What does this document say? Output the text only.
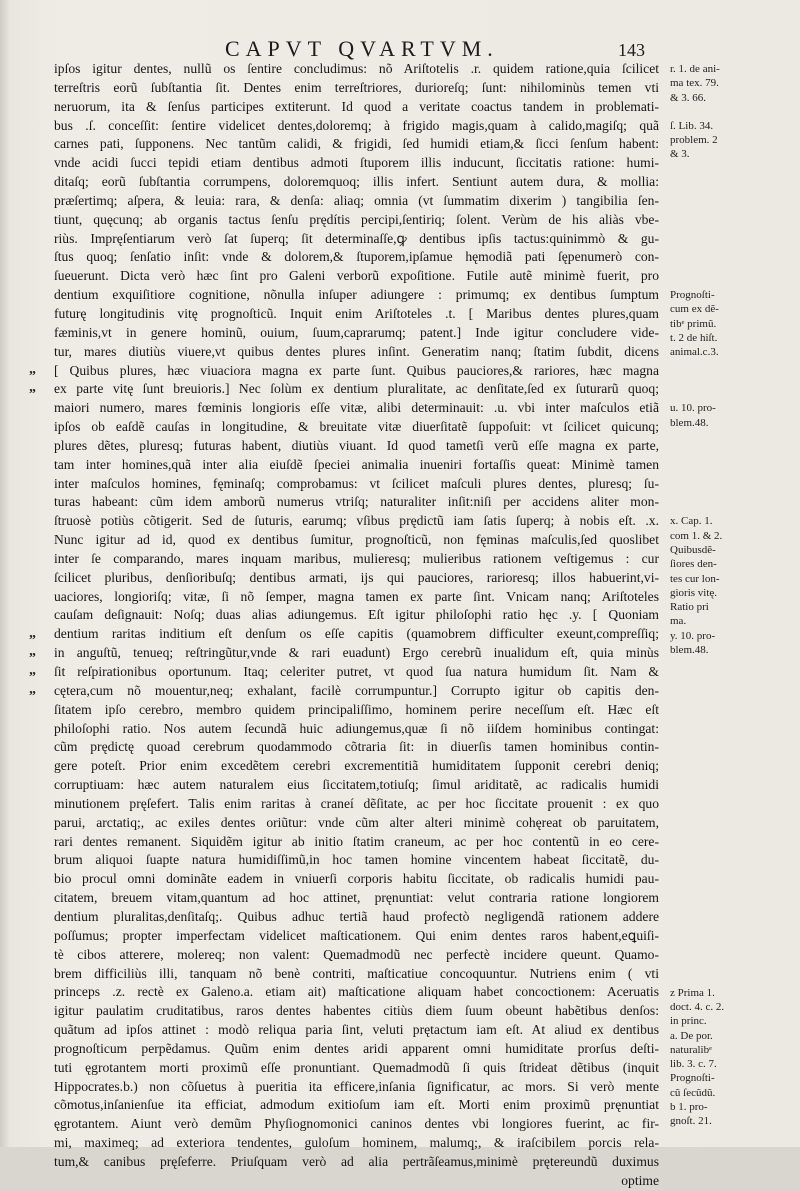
CAPVT QVARTVM.	143
ipſos igitur dentes, nullũ os ſentire concludimus: nõ Ariſtotelis .r. quidem ratione,quia ſcilicet
terreſtris eorũ ſubſtantia ſit. Dentes enim terreſtriores, durioreſq; ſunt: nihilominùs temen vti
neruorum, ita & ſenſus participes extiterunt. Id quod a veritate coactus tandem in problemati-
bus .ſ. conceſſit: ſentire videlicet dentes,doloremq; à frigido magis,quam à calido,magiſq; quã
carnes pati, ſupponens. Nec tantũm calidi, & frigidi, ſed humidi etiam,& ſicci ſenſum habent:
vnde acidi ſucci tepidi etiam dentibus admoti ſtuporem illis inducunt, ſiccitatis ratione: humi-
ditaſq; eorũ ſubſtantia corrumpens, doloremquoq; illis infert. Sentiunt autem dura, & mollia:
præſertimq; aſpera, & leuia: rara, & denſa: aliaq; omnia (vt ſummatim dixerim ) tangibilia ſen-
tiunt, quęcunq; ab organis tactus ſenſu prędítis percipi,ſentiriq; ſolent. Verùm de his aliàs vbe-
riùs. Impręſentiarum verò ſat ſuperq; ſit determinaſſe,ꝙ dentibus ipſis tactus:quinimmò & gu-
ſtus quoq; ſenſatio inſit: vnde & dolorem,& ſtuporem,ipſamue hęmodiã pati ſępenumerò con-
ſueuerunt. Dicta verò hæc ſint pro Galeni verborũ expoſitione. Futile autẽ minimè fuerit, pro
dentium exquiſitiore cognitione, nõnulla inſuper adiungere : primumq; ex dentibus ſumptum
futurę longitudinis vitę prognoſticũ. Inquit enim Ariſtoteles .t. [ Maribus dentes plures,quam
fæminis,vt in genere hominũ, ouium, ſuum,caprarumq; patent.] Inde igitur concludere vide-
tur, mares diutiùs viuere,vt quibus dentes plures inſint. Generatim nanq; ſtatim ſubdit, dicens
[ Quibus plures, hæc viuaciora magna ex parte ſunt. Quibus pauciores,& rariores, hæc magna
ex parte vitę ſunt breuioris.] Nec ſolùm ex dentium pluralitate, ac denſitate,ſed ex ſuturarũ quoq;
maiori numero, mares fœminis longioris eſſe vitæ, alibi determinauit: .u. vbi inter maſculos etiã
ipſos ob eaſdẽ cauſas in longitudine, & breuitate vitæ diuerſitatẽ ſuppoſuit: vt ſcilicet quicunq;
plures dẽtes, pluresq; futuras habent, diutiùs viuant. Id quod tametſi verũ eſſe magna ex parte,
tam inter homines,quã inter alia eiuſdẽ ſpeciei animalia inueniri fortaſſis queat: Minimè tamen
inter maſculos homines, fęminaſq; comprobamus: vt ſcilicet maſculi plures dentes, pluresq; ſu-
turas habeant: cũm idem amborũ numerus vtriſq; naturaliter inſit:niſi per accidens aliter mon-
ſtruosè potiùs cõtigerit. Sed de ſuturis, earumq; vſibus prędictũ iam ſatis ſuperq; à nobis eſt. .x.
Nunc igitur ad id, quod ex dentibus ſumitur, prognoſticũ, non fęminas maſculis,ſed quoslibet
inter ſe comparando, mares inquam maribus, mulieresq; mulieribus rationem veſtigemus : cur
ſcilicet pluribus, denſioribuſq; dentibus armati, ijs qui pauciores, rarioresq; illos habuerint,vi-
uaciores, longioriſq; vitæ, ſi nõ ſemper, magna tamen ex parte ſint. Vnicam nanq; Ariſtoteles
cauſam deſignauit: Noſq; duas alias adiungemus. Eſt igitur philoſophi ratio hęc .y. [ Quoniam
dentium raritas inditium eſt denſum os eſſe capitis (quamobrem difficulter exeunt,compreſſiq;
in anguſtũ, tenueq; reſtringũtur,vnde & rari euadunt) Ergo cerebrũ inualidum eſt, quia minùs
ſit reſpirationibus oportunum. Itaq; celeriter putret, vt quod ſua natura humidum ſit. Nam &
cętera,cum nõ mouentur,neq; exhalant, facilè corrumpuntur.] Corrupto igitur ob capitis den-
ſitatem ipſo cerebro, membro quidem principaliſſimo, hominem perire neceſſum eſt. Hæc eſt
philoſophi ratio. Nos autem ſecundã huic adiungemus,quæ ſi nõ iiſdem hominibus contingat:
cũm prędictę quoad cerebrum quodammodo cõtraria ſit: in diuerſis tamen hominibus contin-
gere poteſt. Prior enim excedẽtem cerebri excrementitiã humiditatem ſupponit cerebri deniq;
corruptiuam: hæc autem naturalem eius ſiccitatem,totiuſq; ſimul ariditatẽ, ac radicalis humidi
minutionem pręſefert. Talis enim raritas à craneí dẽſitate, ac per hoc ſiccitate prouenit : ex quo
parui, arctatiq;, ac exiles dentes oriũtur: vnde cũm alter alteri minimè cohęreat ob paruitatem,
rari dentes remanent. Siquidẽm igitur ab initio ſtatim craneum, ac per hoc contentũ in eo cere-
brum aliquoi ſuapte natura humidiſſimũ,in hoc tamen homine vincentem habeat ſiccitatẽ, du-
bio procul omni dominãte eadem in vniuerſi corporis habitu ſiccitate, ob radicalis humidi pau-
citatem, breuem vitam,quantum ad hoc attinet, pręnuntiat: velut contraria ratione longiorem
dentium pluralitas,denſitaſq;. Quibus adhuc tertiã haud profectò negligendã rationem addere
poſſumus; propter imperfectam videlicet maſticationem. Qui enim dentes raros habent,eꝗuiſi-
tè cibos atterere, molereq; non valent: Quemadmodũ nec perfectè incidere queunt. Quamo-
brem difficiliùs illi, tanquam nõ benè contriti, maſticatiue concoquuntur. Nutriens enim ( vti
princeps .z. rectè ex Galeno.a. etiam ait) maſticatione aliquam habet concoctionem: Aceruatis
igitur paulatim cruditatibus, raros dentes habentes citiùs diem ſuum obeunt habẽtibus denſos:
quãtum ad ipſos attinet : modò reliqua paria ſint, veluti prętactum iam eſt. At aliud ex dentibus
prognoſticum perpẽdamus. Quũm enim dentes aridi apparent omni humiditate prorſus deſti-
tuti ęgrotantem morti proximũ eſſe pronuntiant. Quemadmodũ ſi quis ſtrideat dẽtibus (inquit
Hippocrates.b.) non cõſuetus à pueritia ita efficere,inſania ſignificatur, ac mors. Si verò mente
cõmotus,inſanienſue ita efficiat, admodum exitioſum iam eſt. Morti enim proximũ pręnuntiat
ęgrotantem. Aiunt verò demũm Phyſiognomonici caninos dentes vbi longiores fuerint, ac fir-
mi, maximeq; ad exteriora tendentes, guloſum hominem, malumq;, & iraſcibilem porcis rela-
tum,& canibus pręſeferre. Priuſquam verò ad alia pertrãſeamus,minimè prętereundũ duximus
optime
r. 1. de ani-
ma tex. 79.
& 3. 66.
ſ. Lib. 34.
problem. 2
& 3.
Prognoſti-
cum ex dẽ-
tibᵉ primũ.
t. 2 de hiſt.
animal.c.3.
u. 10. pro-
blem.48.
x. Cap. 1.
com 1. & 2.
Quibusdẽ-
ſiores den-
tes cur lon-
gioris vitę.
Ratio pri
ma.
y. 10. pro-
blem.48.
z Prima 1.
doct. 4. c. 2.
in princ.
a. De por.
naturalibᵉ
lib. 3. c. 7.
Prognoſti-
cũ ſecũdũ.
b 1. pro-
gnoſt. 21.
„
„
„
„
„
„
